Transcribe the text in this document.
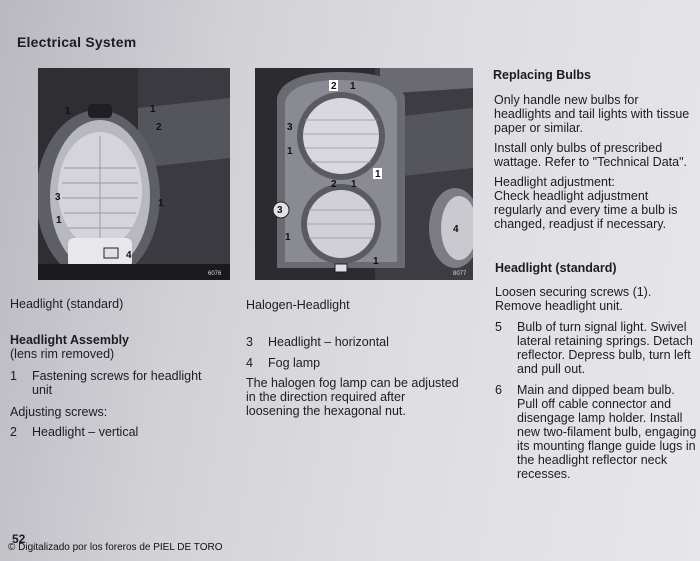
Electrical System
1	1
2
3
1
1
4
6076
2 1
3
1
1
2 1
3
1
1
4
8077
Headlight (standard)	Halogen-Headlight
Headlight Assembly
(lens rim removed)
1	Fastening screws for headlight unit
Adjusting screws:
2	Headlight – vertical
3	Headlight – horizontal
4	Fog lamp

The halogen fog lamp can be adjusted in the direction required after loosening the hexagonal nut.

Replacing Bulbs

Only handle new bulbs for headlights and tail lights with tissue paper or similar.

Install only bulbs of prescribed wattage. Refer to "Technical Data".

Headlight adjustment:

Check headlight adjustment regularly and every time a bulb is changed, readjust if necessary.

Headlight (standard)

Loosen securing screws (1). Remove headlight unit.

5	Bulb of turn signal light. Swivel lateral retaining springs. Detach reflector. Depress bulb, turn left and pull out.
6	Main and dipped beam bulb. Pull off cable connector and disengage lamp holder. Install new two-filament bulb, engaging its mounting flange guide lugs in the headlight reflector neck recesses.
52
© Digitalizado por los foreros de PIEL DE TORO
